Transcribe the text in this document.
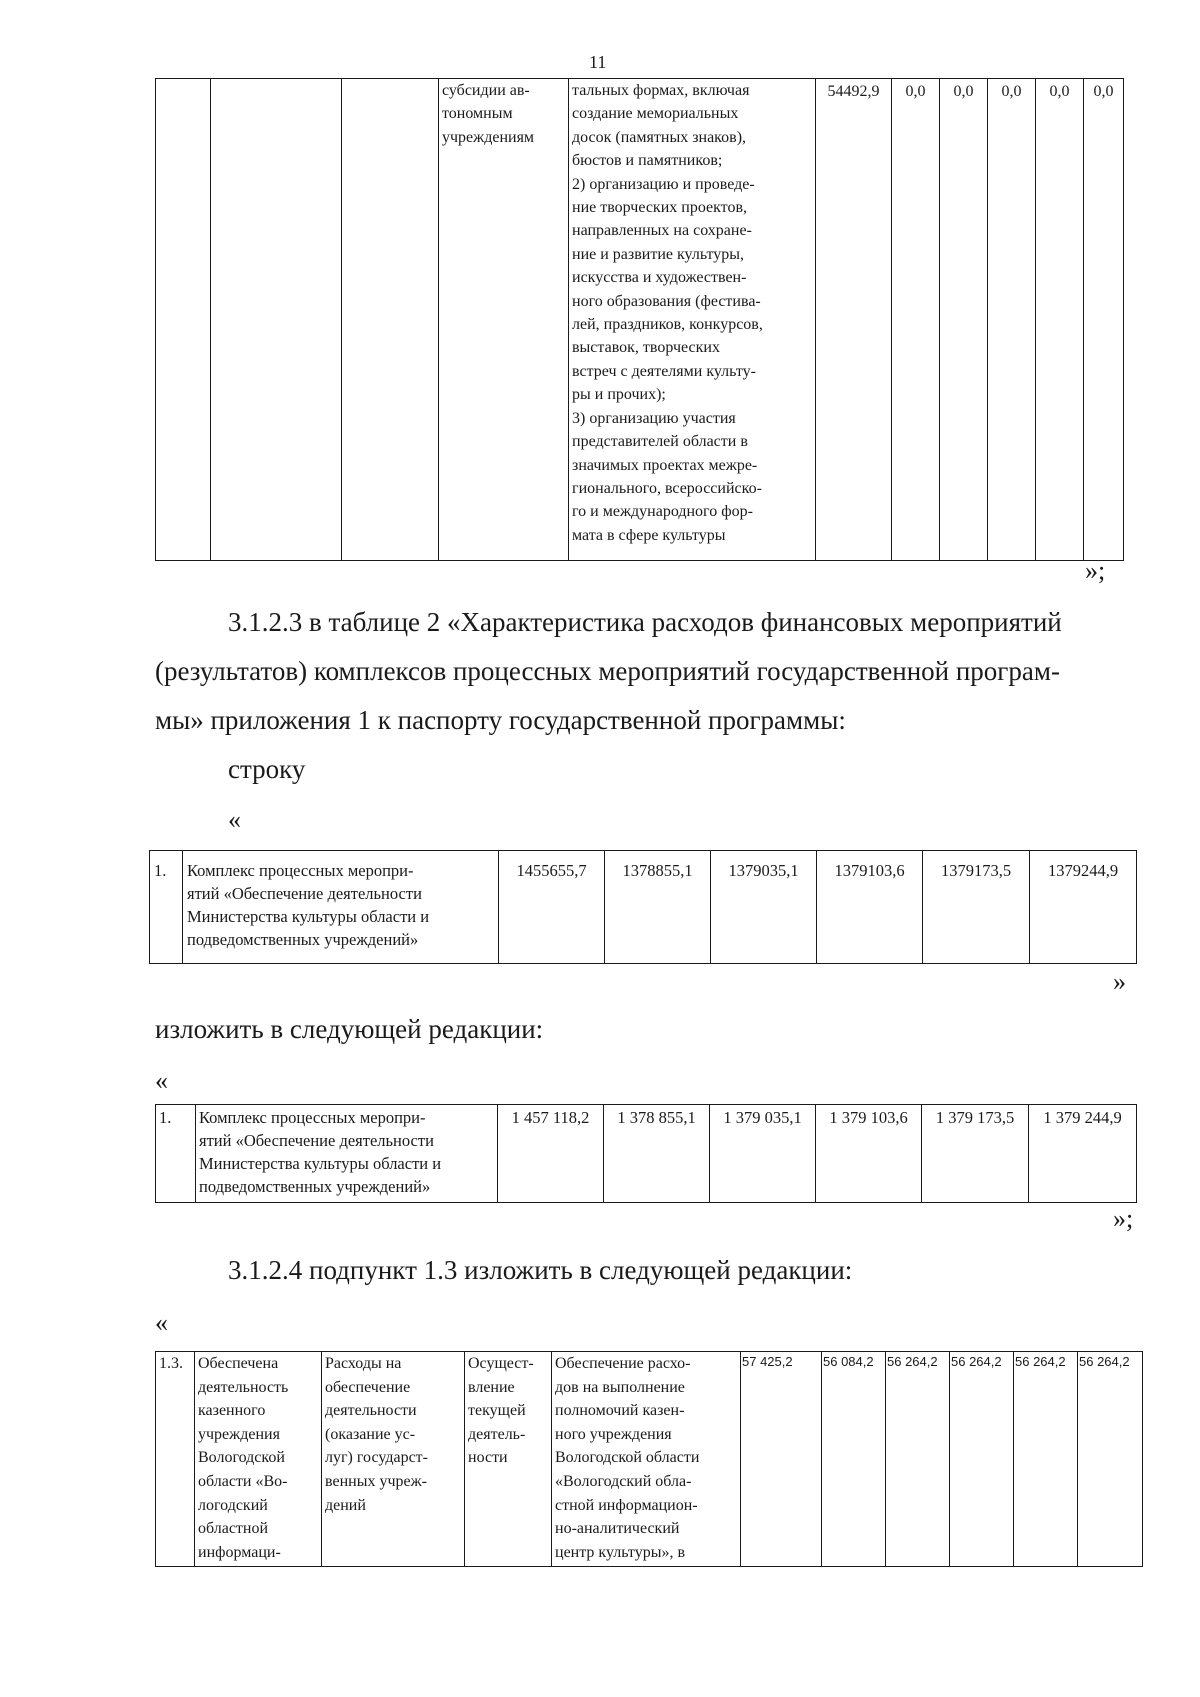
11
			субсидии ав-
тономным
учреждениям	тальных формах, включая
создание мемориальных
досок (памятных знаков),
бюстов и памятников;
2) организацию и проведе-
ние творческих проектов,
направленных на сохране-
ние и развитие культуры,
искусства и художествен-
ного образования (фестива-
лей, праздников, конкурсов,
выставок, творческих
встреч с деятелями культу-
ры и прочих);
3) организацию участия
представителей области в
значимых проектах межре-
гионального, всероссийско-
го и международного фор-
мата в сфере культуры	54492,9	0,0	0,0	0,0	0,0	0,0
»;
3.1.2.3 в таблице 2 «Характеристика расходов финансовых мероприятий
(результатов) комплексов процессных мероприятий государственной програм-
мы» приложения 1 к паспорту государственной программы:
строку
«
1.	Комплекс процессных меропри-
ятий «Обеспечение деятельности
Министерства культуры области и
подведомственных учреждений»	1455655,7	1378855,1	1379035,1	1379103,6	1379173,5	1379244,9
»
изложить в следующей редакции:
«
1.	Комплекс процессных меропри-
ятий «Обеспечение деятельности
Министерства культуры области и
подведомственных учреждений»	1 457 118,2	1 378 855,1	1 379 035,1	1 379 103,6	1 379 173,5	1 379 244,9
»;
3.1.2.4 подпункт 1.3 изложить в следующей редакции:
«
1.3.	Обеспечена
деятельность
казенного
учреждения
Вологодской
области «Во-
логодский
областной
информаци-	Расходы на
обеспечение
деятельности
(оказание ус-
луг) государст-
венных учреж-
дений	Осущест-
вление
текущей
деятель-
ности	Обеспечение расхо-
дов на выполнение
полномочий казен-
ного учреждения
Вологодской области
«Вологодский обла-
стной информацион-
но-аналитический
центр культуры», в	57 425,2	56 084,2	56 264,2	56 264,2	56 264,2	56 264,2
